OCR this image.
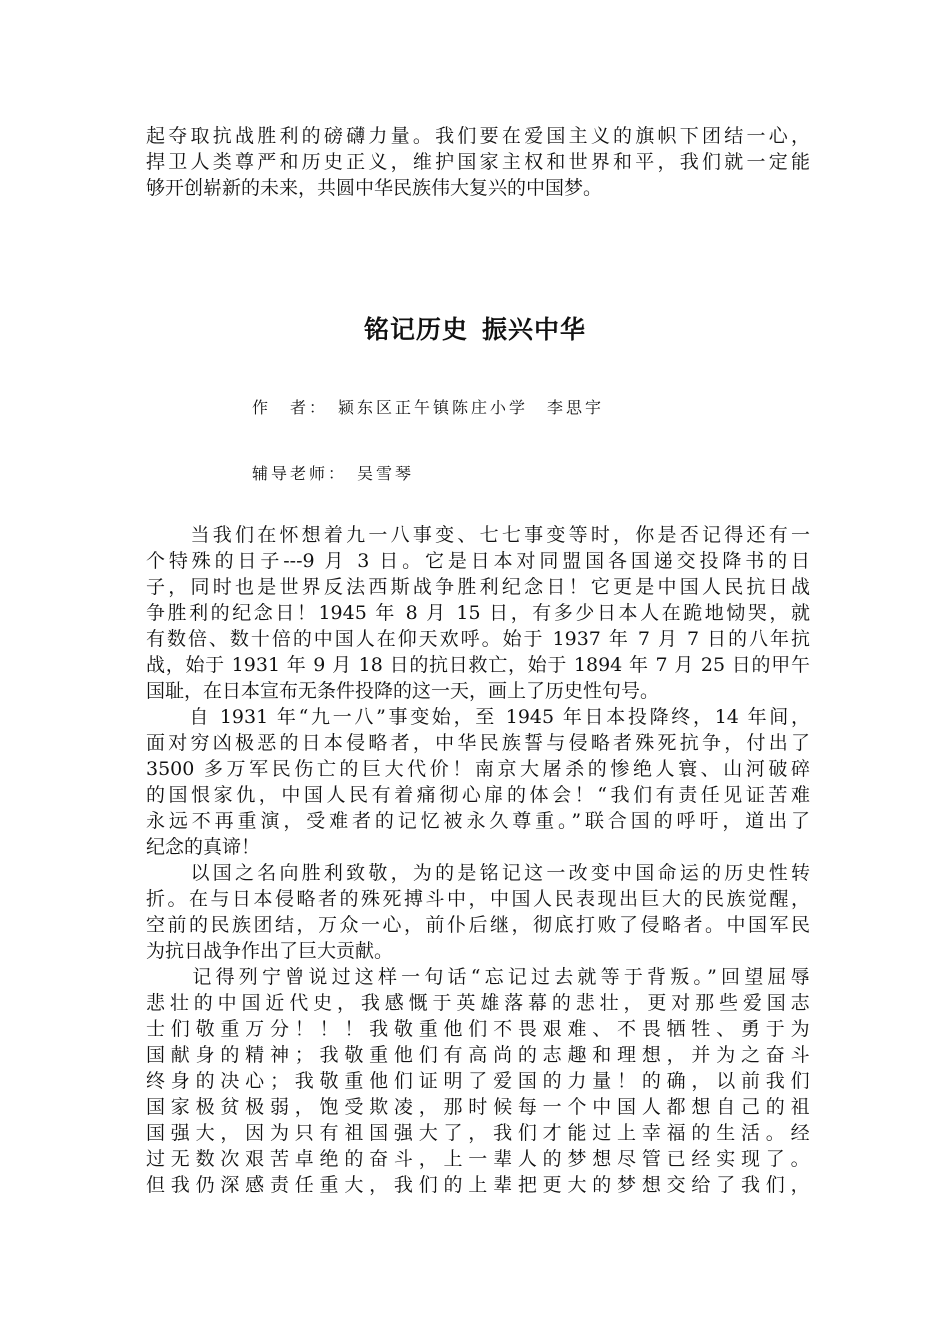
起夺取抗战胜利的磅礴力量。我们要在爱国主义的旗帜下团结一心，
捍卫人类尊严和历史正义，维护国家主权和世界和平，我们就一定能
够开创崭新的未来，共圆中华民族伟大复兴的中国梦。
铭记历史 振兴中华
作　者： 颍东区正午镇陈庄小学　李思宇
辅导老师： 吴雪琴
　　当我们在怀想着九一八事变、七七事变等时，你是否记得还有一
个特殊的日子---9 月 3 日。它是日本对同盟国各国递交投降书的日
子，同时也是世界反法西斯战争胜利纪念日！它更是中国人民抗日战
争胜利的纪念日！1945 年 8 月 15 日，有多少日本人在跪地恸哭，就
有数倍、数十倍的中国人在仰天欢呼。始于 1937 年 7 月 7 日的八年抗
战，始于 1931 年 9 月 18 日的抗日救亡，始于 1894 年 7 月 25 日的甲午
国耻，在日本宣布无条件投降的这一天，画上了历史性句号。
　　自 1931 年“九一八”事变始，至 1945 年日本投降终，14 年间，
面对穷凶极恶的日本侵略者，中华民族誓与侵略者殊死抗争，付出了
3500 多万军民伤亡的巨大代价！南京大屠杀的惨绝人寰、山河破碎
的国恨家仇，中国人民有着痛彻心扉的体会！“我们有责任见证苦难
永远不再重演，受难者的记忆被永久尊重。”联合国的呼吁，道出了
纪念的真谛！
　　以国之名向胜利致敬，为的是铭记这一改变中国命运的历史性转
折。在与日本侵略者的殊死搏斗中，中国人民表现出巨大的民族觉醒，
空前的民族团结，万众一心，前仆后继，彻底打败了侵略者。中国军民
为抗日战争作出了巨大贡献。
　　记得列宁曾说过这样一句话“忘记过去就等于背叛。”回望屈辱
悲壮的中国近代史，我感慨于英雄落幕的悲壮，更对那些爱国志
士们敬重万分！！！我敬重他们不畏艰难、不畏牺牲、勇于为
国献身的精神；我敬重他们有高尚的志趣和理想，并为之奋斗
终身的决心；我敬重他们证明了爱国的力量！的确，以前我们
国家极贫极弱，饱受欺凌，那时候每一个中国人都想自己的祖
国强大，因为只有祖国强大了，我们才能过上幸福的生活。经
过无数次艰苦卓绝的奋斗，上一辈人的梦想尽管已经实现了。
但我仍深感责任重大，我们的上辈把更大的梦想交给了我们，
